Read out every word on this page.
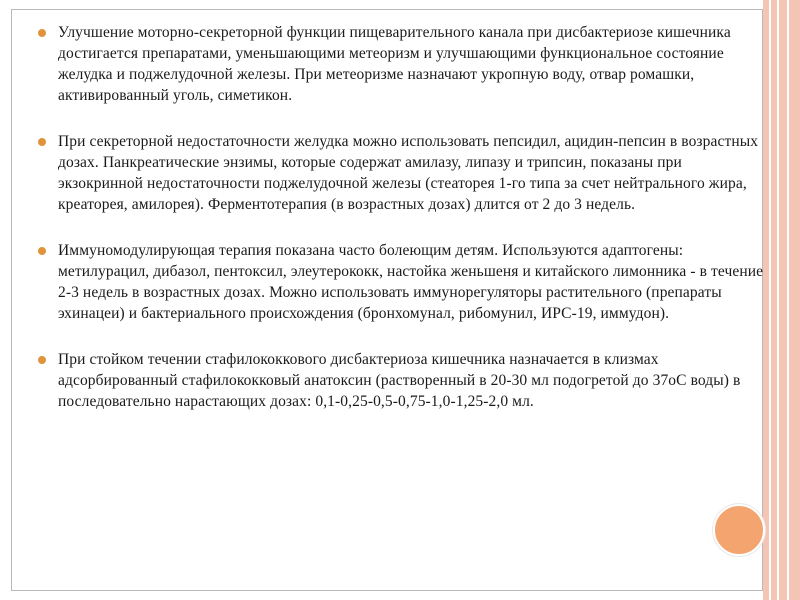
Улучшение моторно-секреторной функции пищеварительного канала при дисбактериозе кишечника достигается препаратами, уменьшающими метеоризм и улучшающими функциональное состояние желудка и поджелудочной железы. При метеоризме назначают укропную воду, отвар ромашки, активированный уголь, симетикон.

При секреторной недостаточности желудка можно использовать пепсидил, ацидин-пепсин в возрастных дозах. Панкреатические энзимы, которые содержат амилазу, липазу и трипсин, показаны при экзокринной недостаточности поджелудочной железы (стеаторея 1-го типа за счет нейтрального жира, креаторея, амилорея). Ферментотерапия (в возрастных дозах) длится от 2 до 3 недель.

Иммуномодулирующая терапия показана часто болеющим детям. Используются адаптогены: метилурацил, дибазол, пентоксил, элеутерококк, настойка женьшеня и китайского лимонника - в течение 2-3 недель в возрастных дозах. Можно использовать иммунорегуляторы растительного (препараты эхинацеи) и бактериального происхождения (бронхомунал, рибомунил, ИРС-19, иммудон).

При стойком течении стафилококкового дисбактериоза кишечника назначается в клизмах адсорбированный стафилококковый анатоксин (растворенный в 20-30 мл подогретой до 37оС воды) в последовательно нарастающих дозах: 0,1-0,25-0,5-0,75-1,0-1,25-2,0 мл.
